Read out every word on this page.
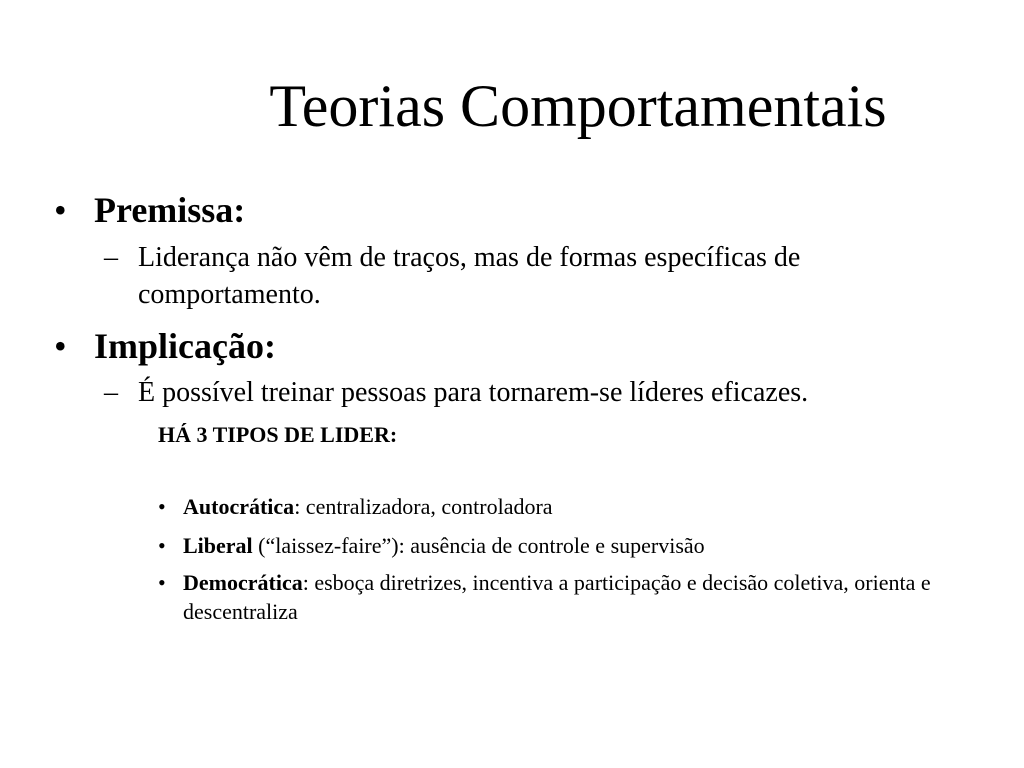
Teorias Comportamentais
• Premissa:
– Liderança não vêm de traços, mas de formas específicas de comportamento.
• Implicação:
– É possível treinar pessoas para tornarem-se líderes eficazes.
HÁ 3 TIPOS DE LIDER:
• Autocrática: centralizadora, controladora
• Liberal (“laissez-faire”): ausência de controle e supervisão
• Democrática: esboça diretrizes, incentiva a participação e decisão coletiva, orienta e descentraliza
